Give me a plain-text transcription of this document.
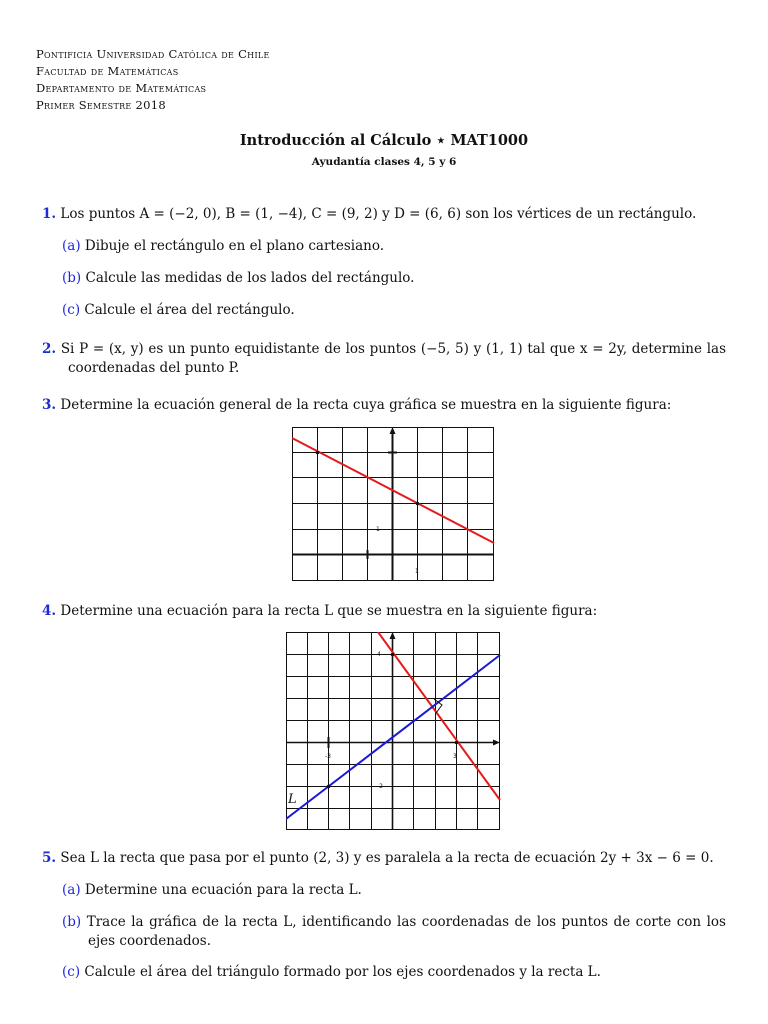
Pontificia Universidad Católica de Chile
Facultad de Matemáticas
Departamento de Matemáticas
Primer Semestre 2018
Introducción al Cálculo ⋆ MAT1000
Ayudantía clases 4, 5 y 6
1. Los puntos A = (−2, 0), B = (1, −4), C = (9, 2) y D = (6, 6) son los vértices de un rectángulo.
(a) Dibuje el rectángulo en el plano cartesiano.
(b) Calcule las medidas de los lados del rectángulo.
(c) Calcule el área del rectángulo.
2. Si P = (x, y) es un punto equidistante de los puntos (−5, 5) y (1, 1) tal que x = 2y, determine las coordenadas del punto P.
3. Determine la ecuación general de la recta cuya gráfica se muestra en la siguiente figura:
1
1
4. Determine una ecuación para la recta L que se muestra en la siguiente figura:
4
-3	3
-2
L
5. Sea L la recta que pasa por el punto (2, 3) y es paralela a la recta de ecuación 2y + 3x − 6 = 0.
(a) Determine una ecuación para la recta L.
(b) Trace la gráfica de la recta L, identificando las coordenadas de los puntos de corte con los ejes coordenados.
(c) Calcule el área del triángulo formado por los ejes coordenados y la recta L.
